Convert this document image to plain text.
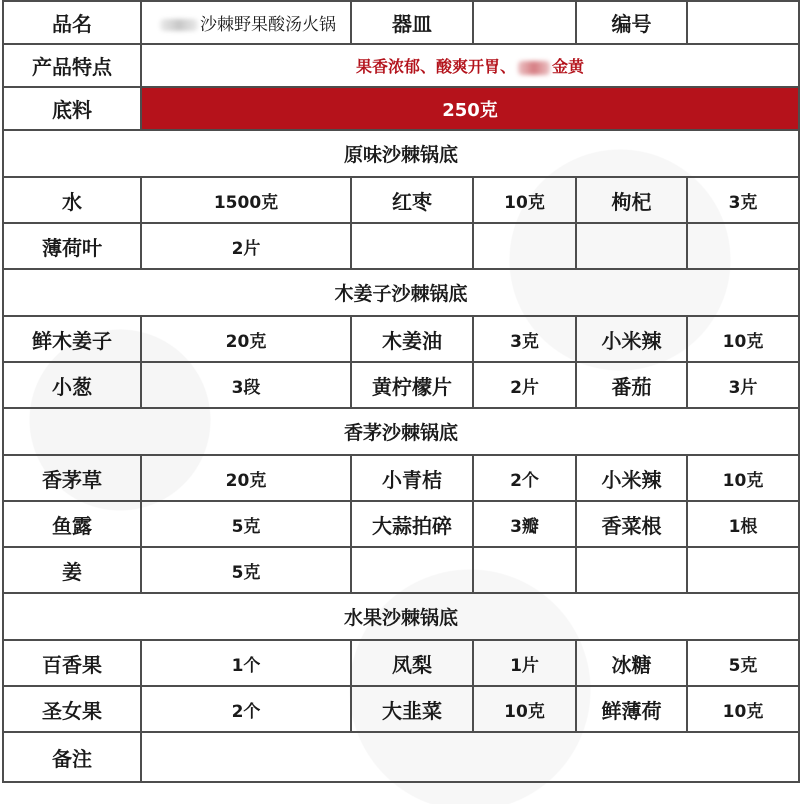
品名	沙棘野果酸汤火锅	器皿		编号	
产品特点	果香浓郁、酸爽开胃、 金黄				
底料	250克				
原味沙棘锅底					
水	1500克	红枣	10克	枸杞	3克
薄荷叶	2片				
木姜子沙棘锅底					
鲜木姜子	20克	木姜油	3克	小米辣	10克
小葱	3段	黄柠檬片	2片	番茄	3片
香茅沙棘锅底					
香茅草	20克	小青桔	2个	小米辣	10克
鱼露	5克	大蒜拍碎	3瓣	香菜根	1根
姜	5克				
水果沙棘锅底					
百香果	1个	凤梨	1片	冰糖	5克
圣女果	2个	大韭菜	10克	鲜薄荷	10克
备注					
